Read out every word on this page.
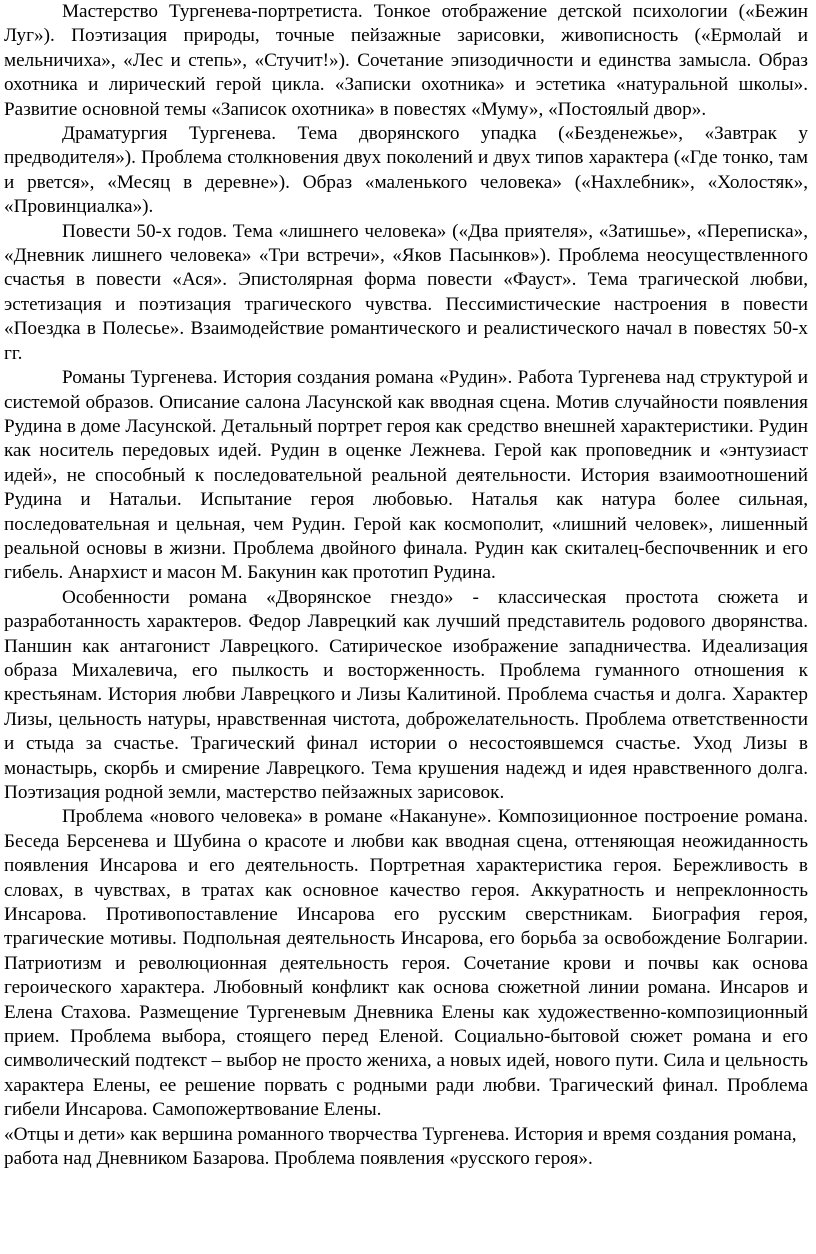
Мастерство Тургенева-портретиста. Тонкое отображение детской психологии («Бежин Луг»). Поэтизация природы, точные пейзажные зарисовки, живописность («Ермолай и мельничиха», «Лес и степь», «Стучит!»). Сочетание эпизодичности и единства замысла. Образ охотника и лирический герой цикла. «Записки охотника» и эстетика «натуральной школы». Развитие основной темы «Записок охотника» в повестях «Муму», «Постоялый двор».

Драматургия Тургенева. Тема дворянского упадка («Безденежье», «Завтрак у предводителя»). Проблема столкновения двух поколений и двух типов характера («Где тонко, там и рвется», «Месяц в деревне»). Образ «маленького человека» («Нахлебник», «Холостяк», «Провинциалка»).

Повести 50-х годов. Тема «лишнего человека» («Два приятеля», «Затишье», «Переписка», «Дневник лишнего человека» «Три встречи», «Яков Пасынков»). Проблема неосуществленного счастья в повести «Ася». Эпистолярная форма повести «Фауст». Тема трагической любви, эстетизация и поэтизация трагического чувства. Пессимистические настроения в повести «Поездка в Полесье». Взаимодействие романтического и реалистического начал в повестях 50-х гг.

Романы Тургенева. История создания романа «Рудин». Работа Тургенева над структурой и системой образов. Описание салона Ласунской как вводная сцена. Мотив случайности появления Рудина в доме Ласунской. Детальный портрет героя как средство внешней характеристики. Рудин как носитель передовых идей. Рудин в оценке Лежнева. Герой как проповедник и «энтузиаст идей», не способный к последовательной реальной деятельности. История взаимоотношений Рудина и Натальи. Испытание героя любовью. Наталья как натура более сильная, последовательная и цельная, чем Рудин. Герой как космополит, «лишний человек», лишенный реальной основы в жизни. Проблема двойного финала. Рудин как скиталец-беспочвенник и его гибель. Анархист и масон М. Бакунин как прототип Рудина.

Особенности романа «Дворянское гнездо» - классическая простота сюжета и разработанность характеров. Федор Лаврецкий как лучший представитель родового дворянства. Паншин как антагонист Лаврецкого. Сатирическое изображение западничества. Идеализация образа Михалевича, его пылкость и восторженность. Проблема гуманного отношения к крестьянам. История любви Лаврецкого и Лизы Калитиной. Проблема счастья и долга. Характер Лизы, цельность натуры, нравственная чистота, доброжелательность. Проблема ответственности и стыда за счастье. Трагический финал истории о несостоявшемся счастье. Уход Лизы в монастырь, скорбь и смирение Лаврецкого. Тема крушения надежд и идея нравственного долга. Поэтизация родной земли, мастерство пейзажных зарисовок.

Проблема «нового человека» в романе «Накануне». Композиционное построение романа. Беседа Берсенева и Шубина о красоте и любви как вводная сцена, оттеняющая неожиданность появления Инсарова и его деятельность. Портретная характеристика героя. Бережливость в словах, в чувствах, в тратах как основное качество героя. Аккуратность и непреклонность Инсарова. Противопоставление Инсарова его русским сверстникам. Биография героя, трагические мотивы. Подпольная деятельность Инсарова, его борьба за освобождение Болгарии. Патриотизм и революционная деятельность героя. Сочетание крови и почвы как основа героического характера. Любовный конфликт как основа сюжетной линии романа. Инсаров и Елена Стахова. Размещение Тургеневым Дневника Елены как художественно-композиционный прием. Проблема выбора, стоящего перед Еленой. Социально-бытовой сюжет романа и его символический подтекст – выбор не просто жениха, а новых идей, нового пути. Сила и цельность характера Елены, ее решение порвать с родными ради любви. Трагический финал. Проблема гибели Инсарова. Самопожертвование Елены.

«Отцы и дети» как вершина романного творчества Тургенева. История и время создания романа, работа над Дневником Базарова. Проблема появления «русского героя».
